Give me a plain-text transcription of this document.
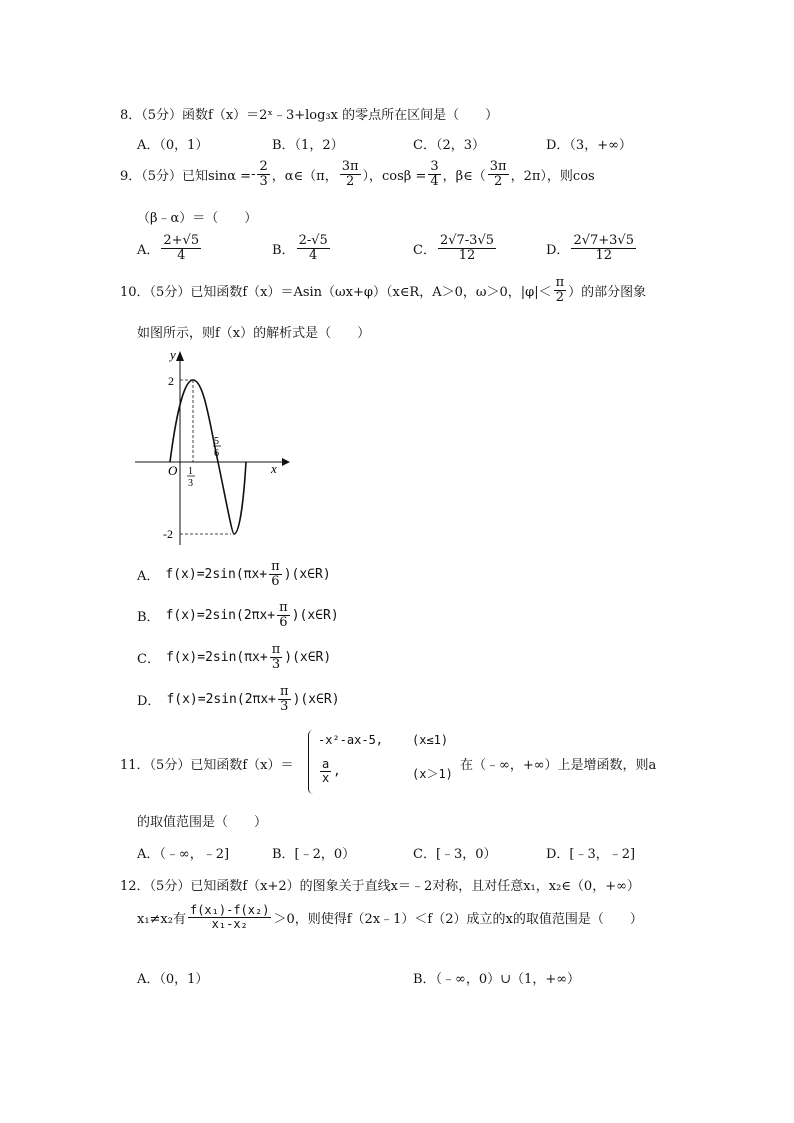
8．（5分）函数f（x）＝2ˣ﹣3+log₃x 的零点所在区间是（　　）
A．（0，1）	B．（1，2）	C．（2，3）	D．（3，+∞）
9．（5分）已知sinα = - $\frac{2}{3}$ ，α∈（π， $\frac{3\pi}{2}$ ），$\cos\beta = \frac{3}{4}$ ，β∈（ $\frac{3\pi}{2}$ ，2π），则cos
（β﹣α）＝（　　）
A． $\frac{2+√5}{4}$	B． $\frac{2-√5}{4}$	C． $\frac{2√7-3√5}{12}$	D． $\frac{2√7+3√5}{12}$
10．（5分）已知函数f（x）＝Asin（ωx+φ）（x∈R，A＞0，ω＞0，$|\varphi|< \frac{\pi}{2}$ ）的部分图象
如图所示，则f（x）的解析式是（　　）
y
x
O
2
-2
1
3
5
6
A． $f(x)=2\sin(\pi x+ \frac{\pi}{6}$ )(x∈R)
B． $f(x)=2\sin(2\pi x+ \frac{\pi}{6}$ )(x∈R)
C． $f(x)=2\sin(\pi x+ \frac{\pi}{3}$ )(x∈R)
D． $f(x)=2\sin(2\pi x+ \frac{\pi}{3}$ )(x∈R)
11．（5分）已知函数f（x）＝
-x²-ax-5, (x≤1)
$\frac{a}{x}$ ,	(x＞1)
在（﹣∞，+∞）上是增函数，则a
的取值范围是（　　）
A．（﹣∞，﹣2]	B．[﹣2，0）	C．[﹣3，0）	D．[﹣3，﹣2]
12．（5分）已知函数f（x+2）的图象关于直线x＝﹣2对称，且对任意x₁，x₂∈（0，+∞）
x₁≠x₂有 $\frac{\text{f(x₁)-f(x₂)}}{\text{x₁-x₂}} >0$，则使得f（2x﹣1）＜f（2）成立的x的取值范围是（　　）
A．（0，1）	B．（﹣∞，0）∪（1，+∞）
